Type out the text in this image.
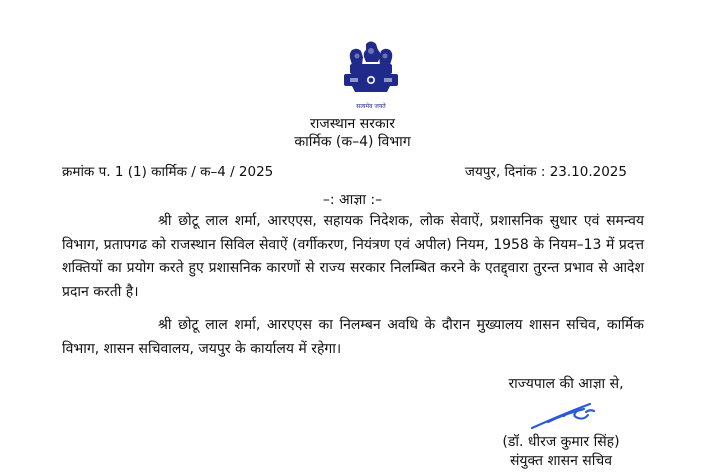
सत्यमेव जयते
राजस्थान सरकार
कार्मिक (क–4) विभाग
क्रमांक प. 1 (1) कार्मिक / क–4 / 2025	जयपुर, दिनांक : 23.10.2025
–: आज्ञा :–

श्री छोटू लाल शर्मा, आरएएस, सहायक निदेशक, लोक सेवाऐं, प्रशासनिक सुधार एवं समन्वय विभाग, प्रतापगढ को राजस्थान सिविल सेवाऐं (वर्गीकरण, नियंत्रण एवं अपील) नियम, 1958 के नियम–13 में प्रदत्त शक्तियों का प्रयोग करते हुए प्रशासनिक कारणों से राज्य सरकार निलम्बित करने के एतद्द्वारा तुरन्त प्रभाव से आदेश प्रदान करती है।

श्री छोटू लाल शर्मा, आरएएस का निलम्बन अवधि के दौरान मुख्यालय शासन सचिव, कार्मिक विभाग, शासन सचिवालय, जयपुर के कार्यालय में रहेगा।

राज्यपाल की आज्ञा से,
(डॉ. धीरज कुमार सिंह)
संयुक्त शासन सचिव
